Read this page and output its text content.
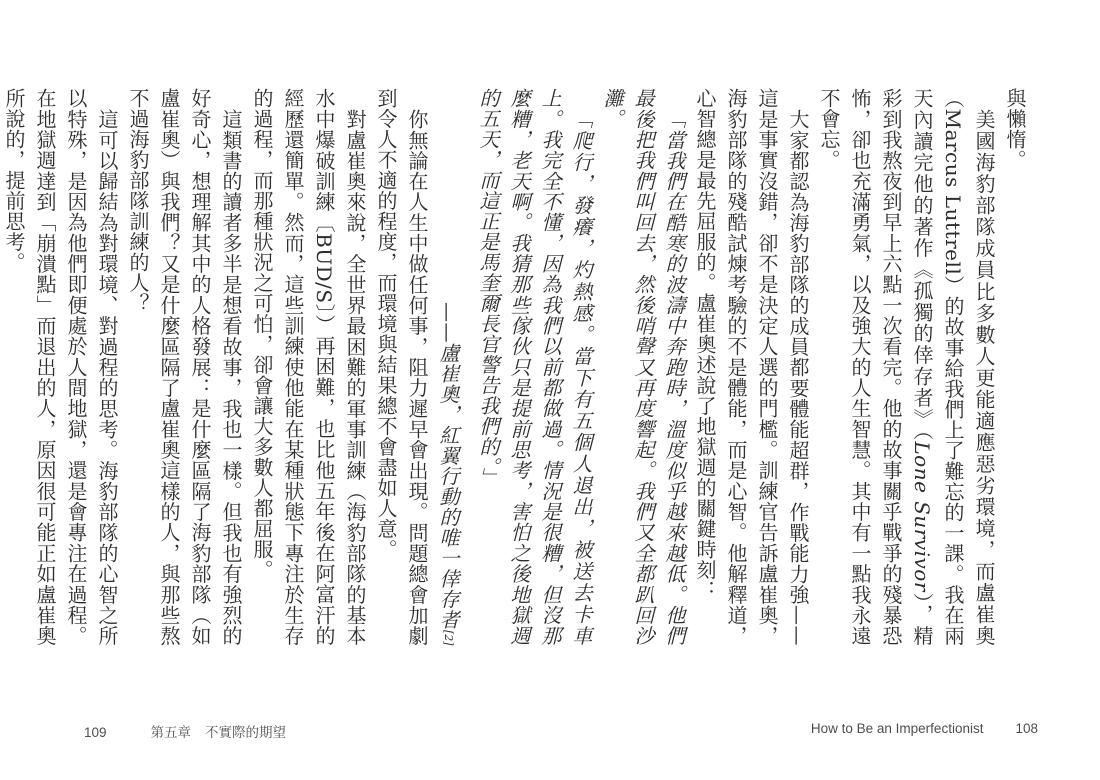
與懶惰。

美國海豹部隊成員比多數人更能適應惡劣環境，而盧崔奧（Marcus Luttrell）的故事給我們上了難忘的一課。我在兩天內讀完他的著作《孤獨的倖存者》（Lone Survivor），精彩到我熬夜到早上六點一次看完。他的故事關乎戰爭的殘暴恐怖，卻也充滿勇氣，以及強大的人生智慧。其中有一點我永遠不會忘。

大家都認為海豹部隊的成員都要體能超群，作戰能力強——這是事實沒錯，卻不是決定人選的門檻。訓練官告訴盧崔奧，海豹部隊的殘酷試煉考驗的不是體能，而是心智。他解釋道，心智總是最先屈服的。盧崔奧述說了地獄週的關鍵時刻：

「當我們在酷寒的波濤中奔跑時，溫度似乎越來越低。他們最後把我們叫回去，然後哨聲又再度響起。我們又全都趴回沙灘。

「爬行，發癢，灼熱感。當下有五個人退出，被送去卡車上。我完全不懂，因為我們以前都做過。情況是很糟，但沒那麼糟，老天啊。我猜那些傢伙只是提前思考，害怕之後地獄週的五天，而這正是馬奎爾長官警告我們的。」

——盧崔奧，紅翼行動的唯一倖存者[2]

你無論在人生中做任何事，阻力遲早會出現。問題總會加劇到令人不適的程度，而環境與結果總不會盡如人意。

對盧崔奧來說，全世界最困難的軍事訓練（海豹部隊的基本水中爆破訓練〔BUD/S〕）再困難，也比他五年後在阿富汗的經歷還簡單。然而，這些訓練使他能在某種狀態下專注於生存的過程，而那種狀況之可怕，卻會讓大多數人都屈服。

這類書的讀者多半是想看故事，我也一樣。但我也有強烈的好奇心，想理解其中的人格發展：是什麼區隔了海豹部隊（如盧崔奧）與我們？又是什麼區隔了盧崔奧這樣的人，與那些熬不過海豹部隊訓練的人？

這可以歸結為對環境、對過程的思考。海豹部隊的心智之所以特殊，是因為他們即便處於人間地獄，還是會專注在過程。在地獄週達到「崩潰點」而退出的人，原因很可能正如盧崔奧所說的，提前思考。

109	第五章 不實際的期望	How to Be an Imperfectionist 108
